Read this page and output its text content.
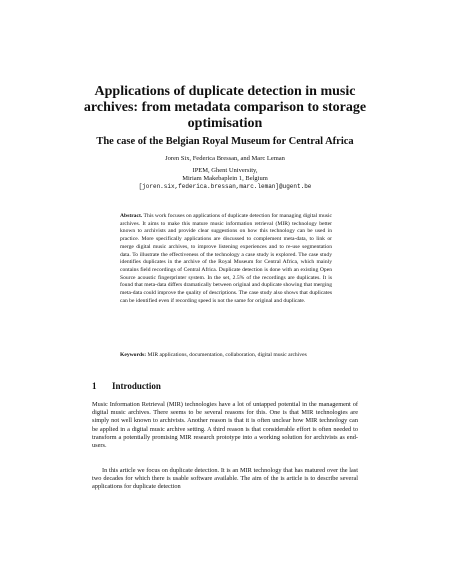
Applications of duplicate detection in music archives: from metadata comparison to storage optimisation
The case of the Belgian Royal Museum for Central Africa

Joren Six, Federica Bressan, and Marc Leman

IPEM, Ghent University,
Miriam Makebaplein 1, Belgium
[joren.six,federica.bressan,marc.leman]@ugent.be

Abstract. This work focuses on applications of duplicate detection for managing digital music archives. It aims to make this mature music information retrieval (MIR) technology better known to archivists and provide clear suggestions on how this technology can be used in practice. More specifically applications are discussed to complement meta-data, to link or merge digital music archives, to improve listening experiences and to re-use segmentation data. To illustrate the effectiveness of the technology a case study is explored. The case study identifies duplicates in the archive of the Royal Museum for Central Africa, which mainly contains field recordings of Central Africa. Duplicate detection is done with an existing Open Source acoustic fingerprinter system. In the set, 2.5% of the recordings are duplicates. It is found that meta-data differs dramatically between original and duplicate showing that merging meta-data could improve the quality of descriptions. The case study also shows that duplicates can be identified even if recording speed is not the same for original and duplicate.

Keywords: MIR applications, documentation, collaboration, digital music archives

1 Introduction

Music Information Retrieval (MIR) technologies have a lot of untapped potential in the management of digital music archives. There seems to be several reasons for this. One is that MIR technologies are simply not well known to archivists. Another reason is that it is often unclear how MIR technology can be applied in a digital music archive setting. A third reason is that considerable effort is often needed to transform a potentially promising MIR research prototype into a working solution for archivists as end-users.

In this article we focus on duplicate detection. It is an MIR technology that has matured over the last two decades for which there is usable software available. The aim of the is article is to describe several applications for duplicate detection
